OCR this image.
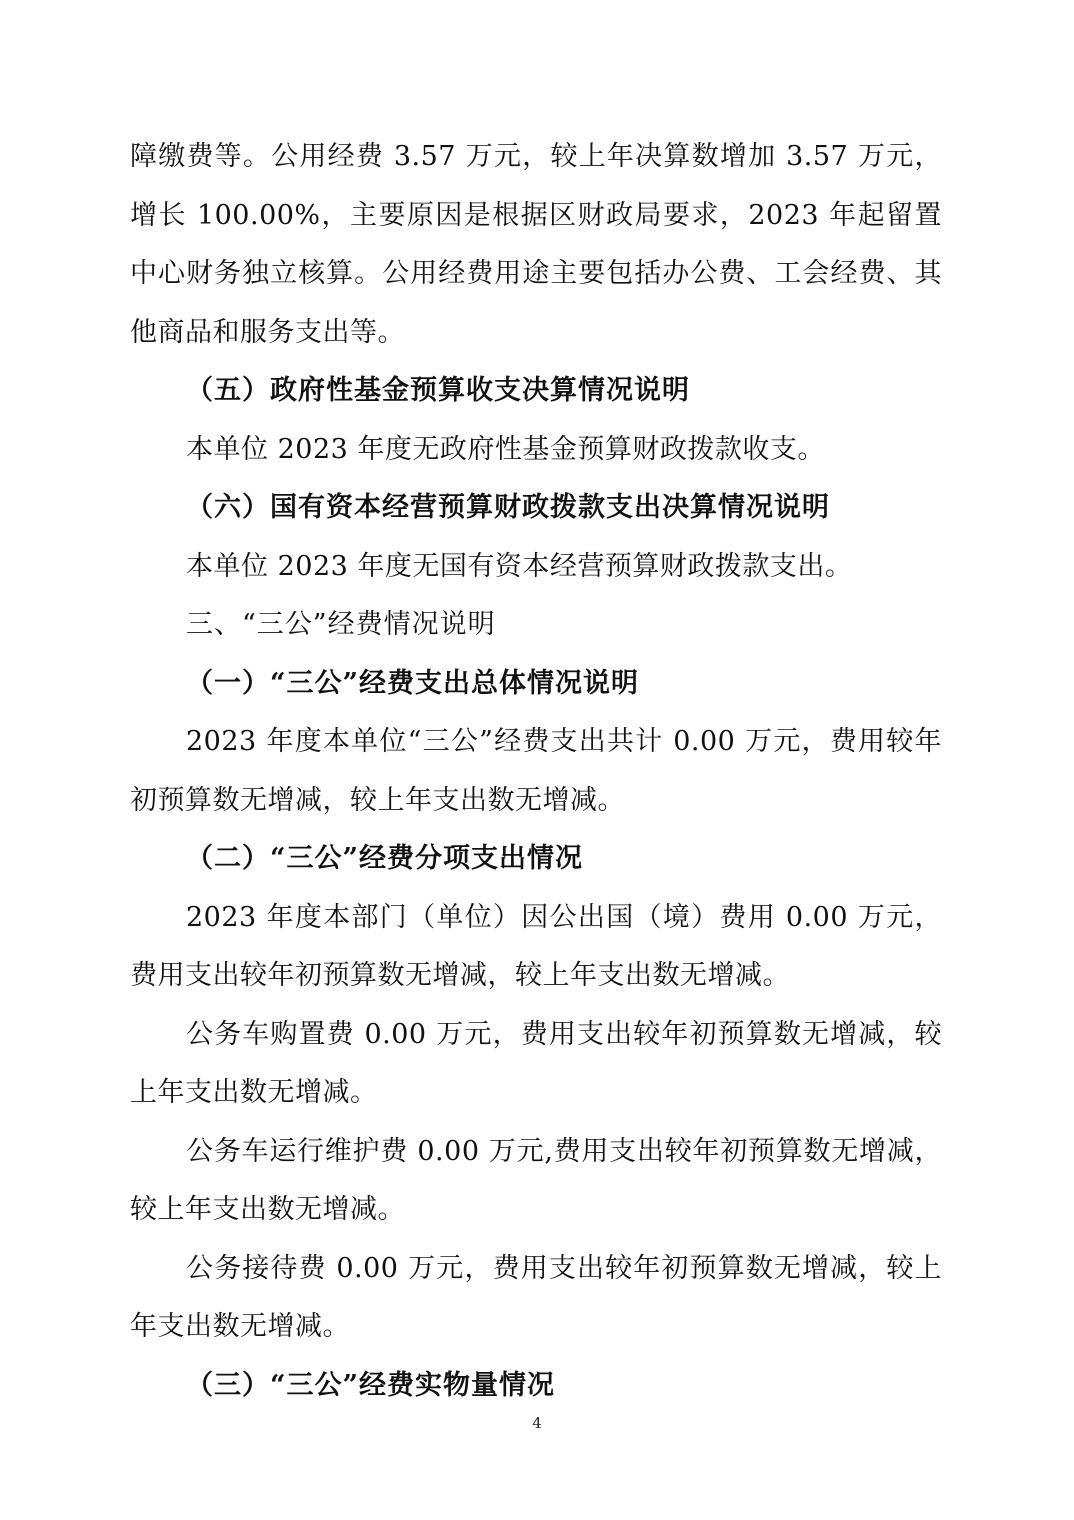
障缴费等。公用经费 3.57 万元，较上年决算数增加 3.57 万元，增长 100.00%，主要原因是根据区财政局要求，2023 年起留置中心财务独立核算。公用经费用途主要包括办公费、工会经费、其他商品和服务支出等。

（五）政府性基金预算收支决算情况说明

本单位 2023 年度无政府性基金预算财政拨款收支。

（六）国有资本经营预算财政拨款支出决算情况说明

本单位 2023 年度无国有资本经营预算财政拨款支出。

三、“三公”经费情况说明

（一）“三公”经费支出总体情况说明

2023 年度本单位“三公”经费支出共计 0.00 万元，费用较年初预算数无增减，较上年支出数无增减。

（二）“三公”经费分项支出情况

2023 年度本部门（单位）因公出国（境）费用 0.00 万元，费用支出较年初预算数无增减，较上年支出数无增减。

公务车购置费 0.00 万元，费用支出较年初预算数无增减，较上年支出数无增减。

公务车运行维护费 0.00 万元,费用支出较年初预算数无增减，较上年支出数无增减。

公务接待费 0.00 万元，费用支出较年初预算数无增减，较上年支出数无增减。

（三）“三公”经费实物量情况

4
